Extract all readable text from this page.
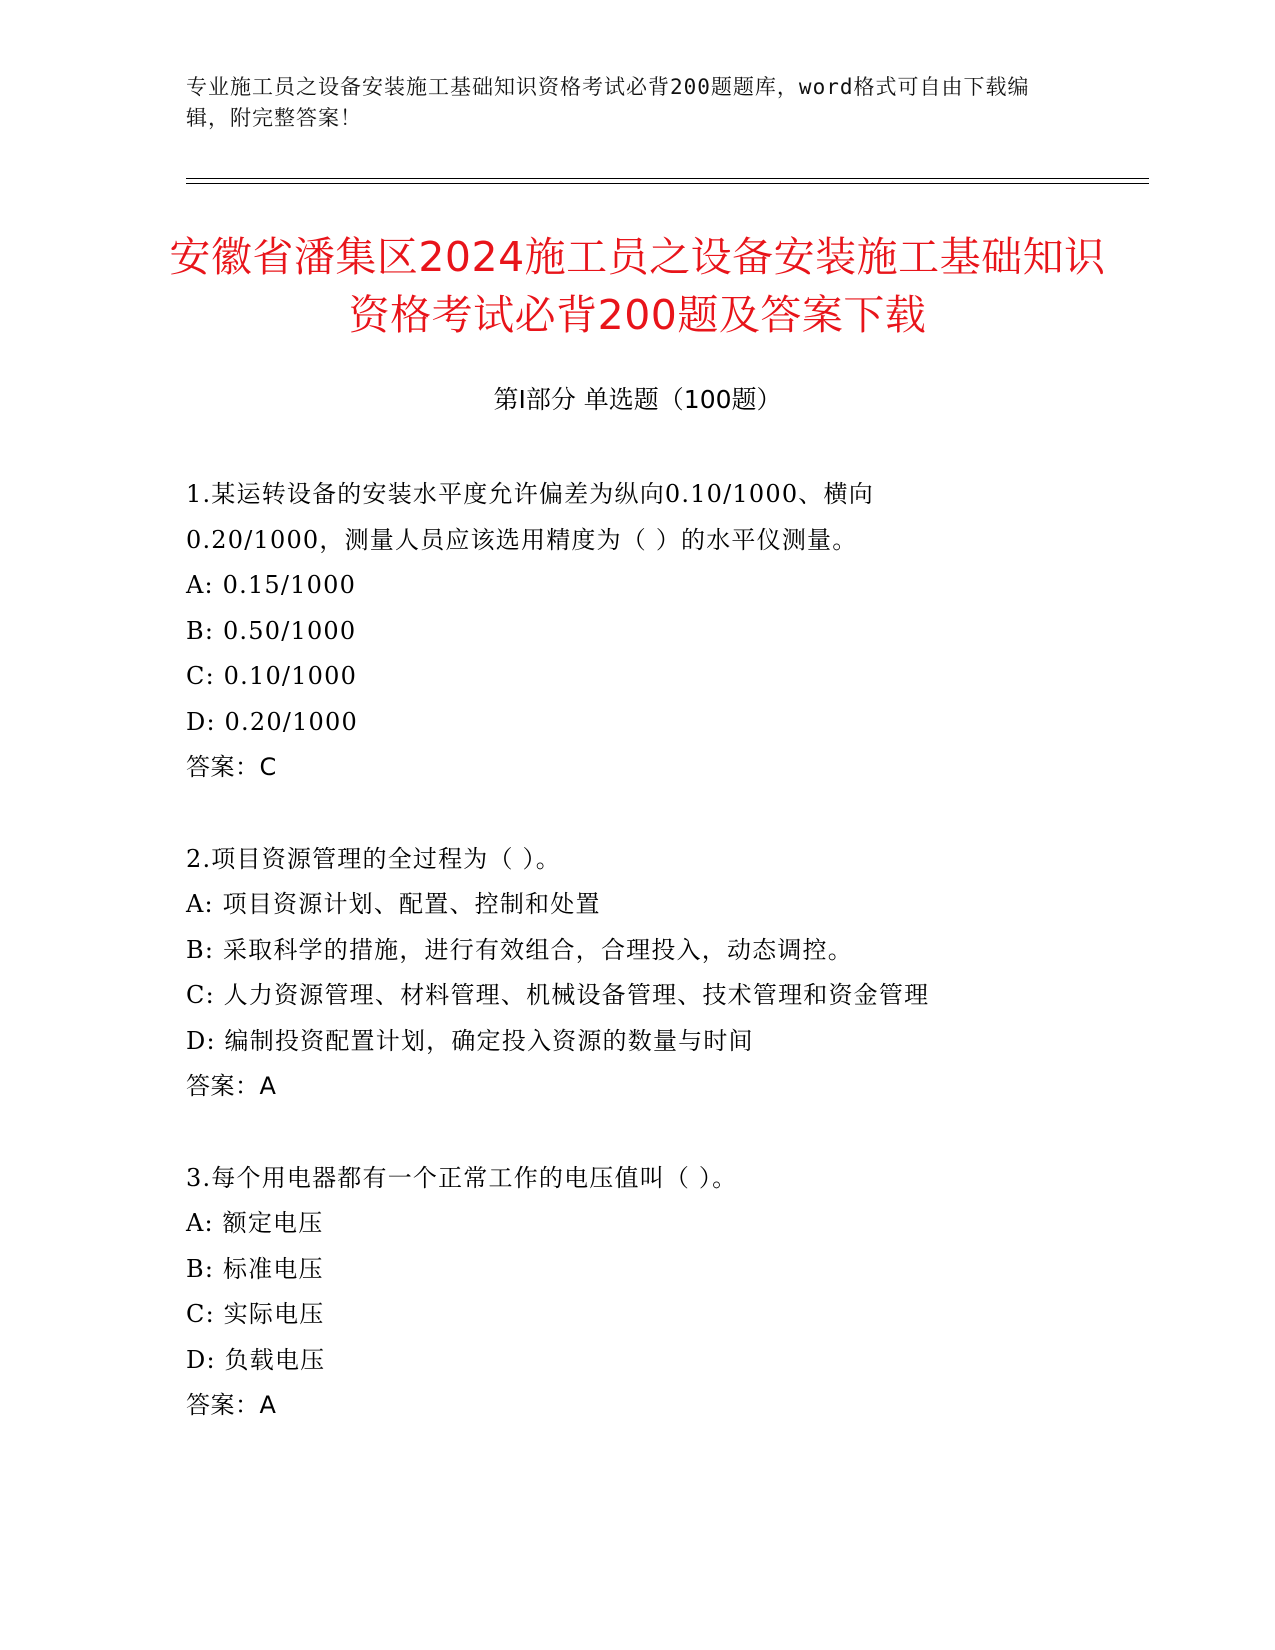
专业施工员之设备安装施工基础知识资格考试必背200题题库，word格式可自由下载编辑，附完整答案！
安徽省潘集区2024施工员之设备安装施工基础知识资格考试必背200题及答案下载
第Ⅰ部分 单选题（100题）
1.某运转设备的安装水平度允许偏差为纵向0.10/1000、横向0.20/1000，测量人员应该选用精度为（ ）的水平仪测量。
A: 0.15/1000
B: 0.50/1000
C: 0.10/1000
D: 0.20/1000
答案：C
2.项目资源管理的全过程为（ ）。
A: 项目资源计划、配置、控制和处置
B: 采取科学的措施，进行有效组合，合理投入，动态调控。
C: 人力资源管理、材料管理、机械设备管理、技术管理和资金管理
D: 编制投资配置计划，确定投入资源的数量与时间
答案：A
3.每个用电器都有一个正常工作的电压值叫（ ）。
A: 额定电压
B: 标准电压
C: 实际电压
D: 负载电压
答案：A
